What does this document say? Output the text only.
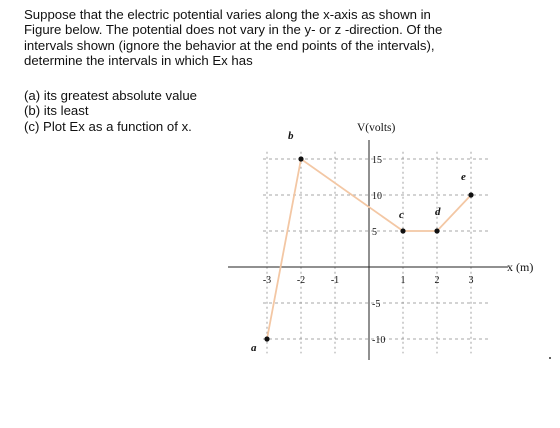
Suppose that the electric potential varies along the x-axis as shown in

Figure below. The potential does not vary in the y- or z -direction. Of the

intervals shown (ignore the behavior at the end points of the intervals),

determine the intervals in which Ex has

(a) its greatest absolute value
(b) its least
(c) Plot Ex as a function of x.	V(volts)
x (m)
-3	-2	-1	1	2	3
15
10
5
-5
-10
a
b
c	d
e
